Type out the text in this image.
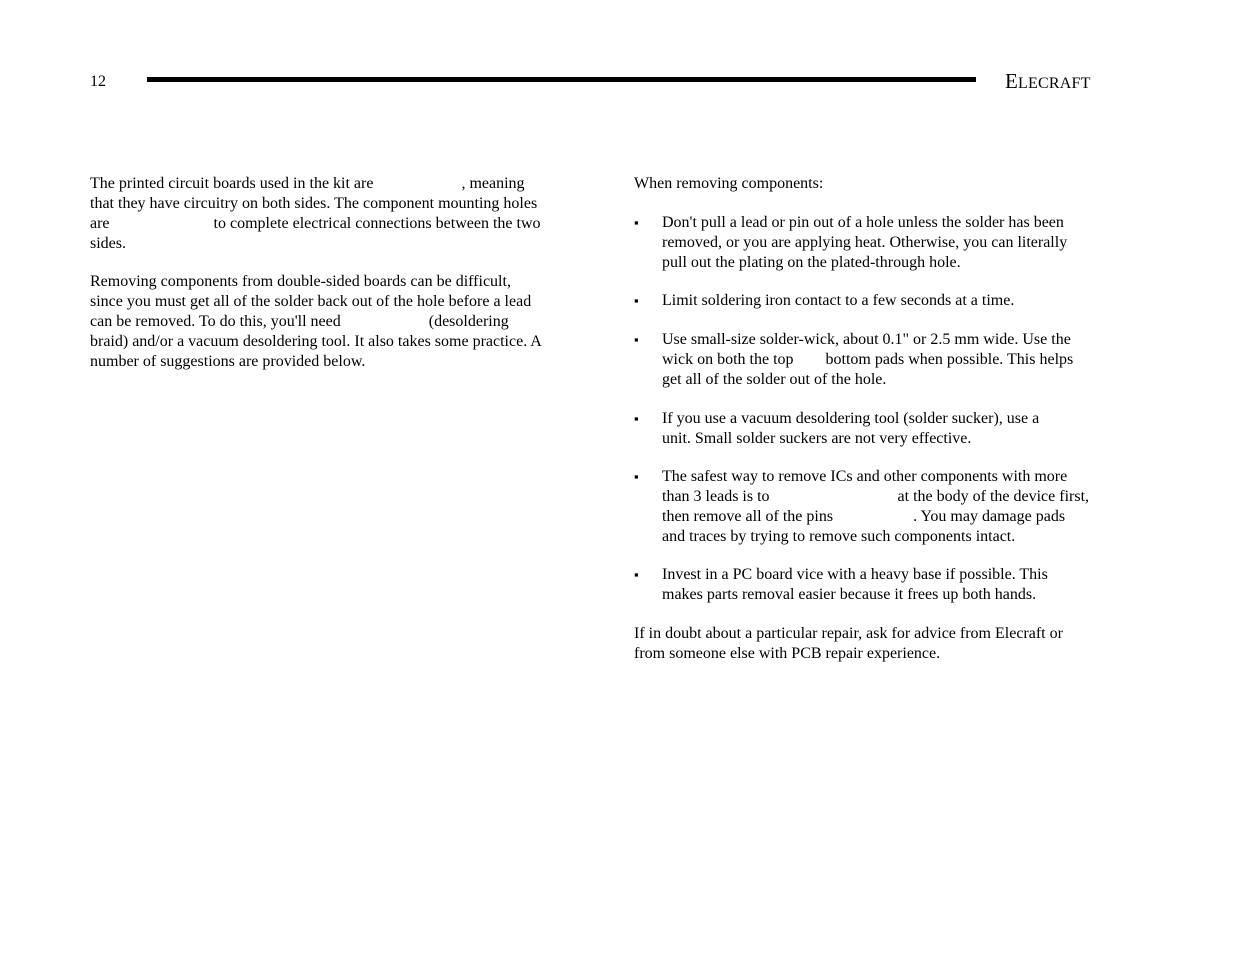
12	ELECRAFT
The printed circuit boards used in the kit are                      , meaning
that they have circuitry on both sides. The component mounting holes
are                          to complete electrical connections between the two
sides.
Removing components from double-sided boards can be difficult,
since you must get all of the solder back out of the hole before a lead
can be removed. To do this, you'll need                      (desoldering
braid) and/or a vacuum desoldering tool. It also takes some practice. A
number of suggestions are provided below.
When removing components:
▪ Don't pull a lead or pin out of a hole unless the solder has been
removed, or you are applying heat. Otherwise, you can literally
pull out the plating on the plated-through hole.
▪ Limit soldering iron contact to a few seconds at a time.
▪ Use small-size solder-wick, about 0.1" or 2.5 mm wide. Use the
wick on both the top        bottom pads when possible. This helps
get all of the solder out of the hole.
▪ If you use a vacuum desoldering tool (solder sucker), use a
unit. Small solder suckers are not very effective.
▪ The safest way to remove ICs and other components with more
than 3 leads is to                                at the body of the device first,
then remove all of the pins                    . You may damage pads
and traces by trying to remove such components intact.
▪ Invest in a PC board vice with a heavy base if possible. This
makes parts removal easier because it frees up both hands.
If in doubt about a particular repair, ask for advice from Elecraft or
from someone else with PCB repair experience.
